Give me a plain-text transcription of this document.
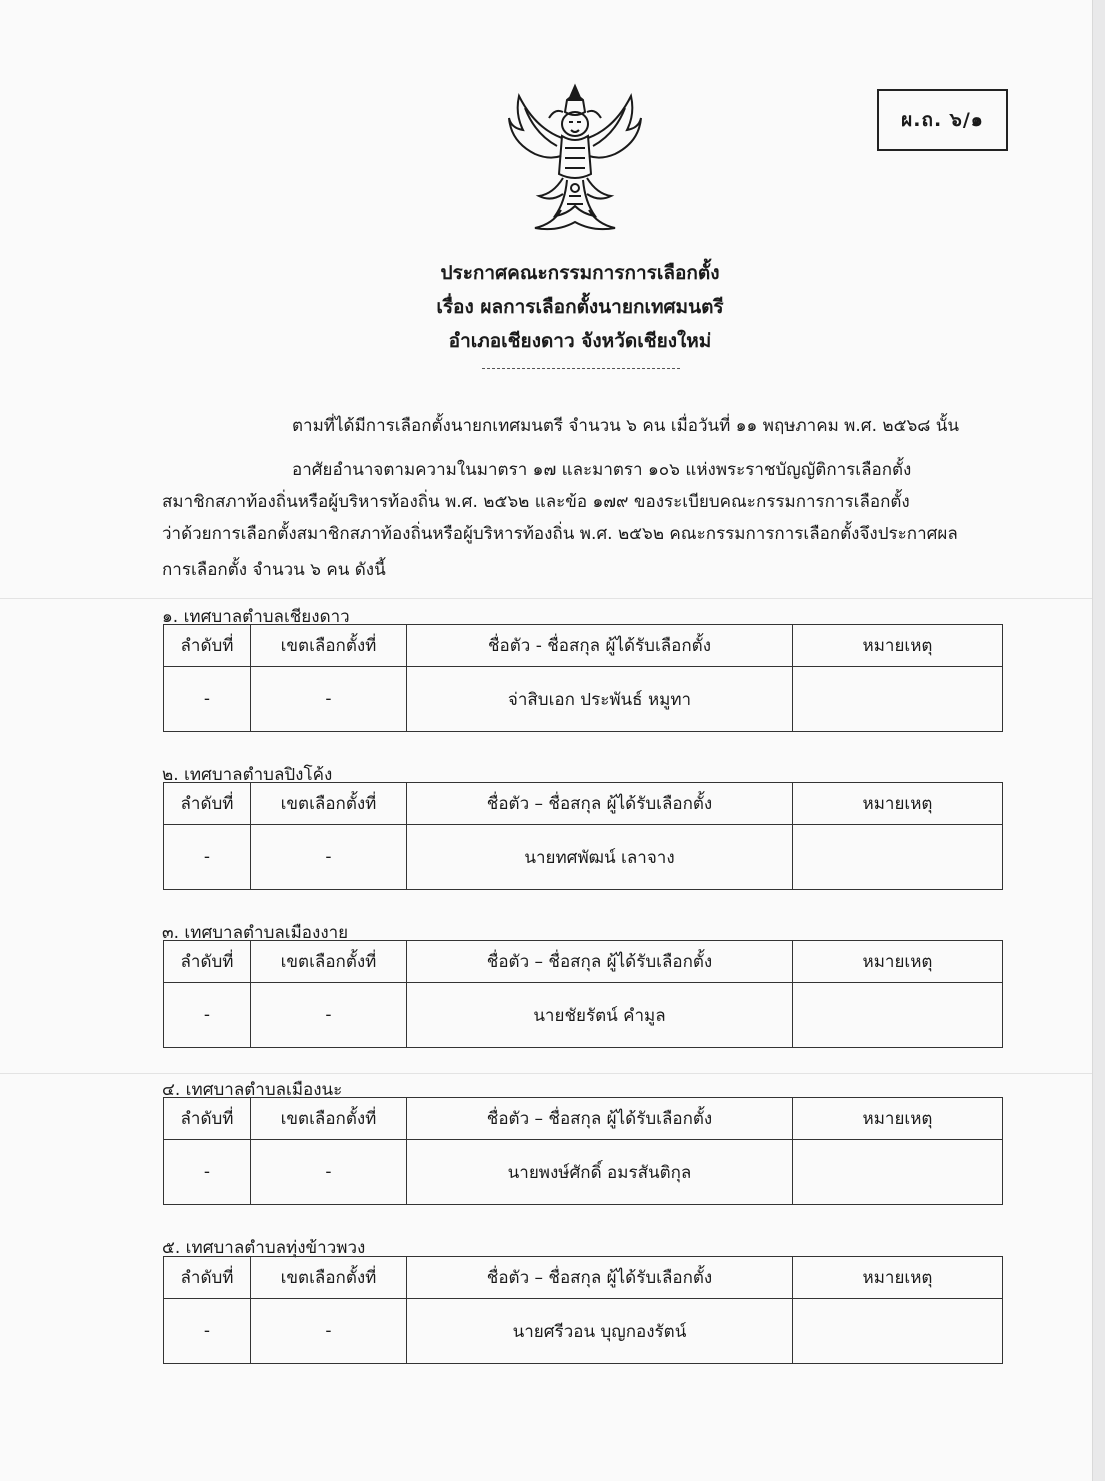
ผ.ถ. ๖/๑
ประกาศคณะกรรมการการเลือกตั้ง
เรื่อง ผลการเลือกตั้งนายกเทศมนตรี
อำเภอเชียงดาว จังหวัดเชียงใหม่
ตามที่ได้มีการเลือกตั้งนายกเทศมนตรี จำนวน ๖ คน เมื่อวันที่ ๑๑ พฤษภาคม พ.ศ. ๒๕๖๘ นั้น
อาศัยอำนาจตามความในมาตรา ๑๗ และมาตรา ๑๐๖ แห่งพระราชบัญญัติการเลือกตั้ง
สมาชิกสภาท้องถิ่นหรือผู้บริหารท้องถิ่น พ.ศ. ๒๕๖๒ และข้อ ๑๗๙ ของระเบียบคณะกรรมการการเลือกตั้ง
ว่าด้วยการเลือกตั้งสมาชิกสภาท้องถิ่นหรือผู้บริหารท้องถิ่น พ.ศ. ๒๕๖๒ คณะกรรมการการเลือกตั้งจึงประกาศผล
การเลือกตั้ง จำนวน ๖ คน ดังนี้
๑. เทศบาลตำบลเชียงดาว
ลำดับที่	เขตเลือกตั้งที่	ชื่อตัว - ชื่อสกุล ผู้ได้รับเลือกตั้ง	หมายเหตุ
-	-	จ่าสิบเอก ประพันธ์ หมูทา	
๒. เทศบาลตำบลปิงโค้ง
ลำดับที่	เขตเลือกตั้งที่	ชื่อตัว – ชื่อสกุล ผู้ได้รับเลือกตั้ง	หมายเหตุ
-	-	นายทศพัฒน์ เลาจาง	
๓. เทศบาลตำบลเมืองงาย
ลำดับที่	เขตเลือกตั้งที่	ชื่อตัว – ชื่อสกุล ผู้ได้รับเลือกตั้ง	หมายเหตุ
-	-	นายชัยรัตน์ คำมูล	
๔. เทศบาลตำบลเมืองนะ
ลำดับที่	เขตเลือกตั้งที่	ชื่อตัว – ชื่อสกุล ผู้ได้รับเลือกตั้ง	หมายเหตุ
-	-	นายพงษ์ศักดิ์ อมรสันติกุล	
๕. เทศบาลตำบลทุ่งข้าวพวง
ลำดับที่	เขตเลือกตั้งที่	ชื่อตัว – ชื่อสกุล ผู้ได้รับเลือกตั้ง	หมายเหตุ
-	-	นายศรีวอน บุญกองรัตน์	
